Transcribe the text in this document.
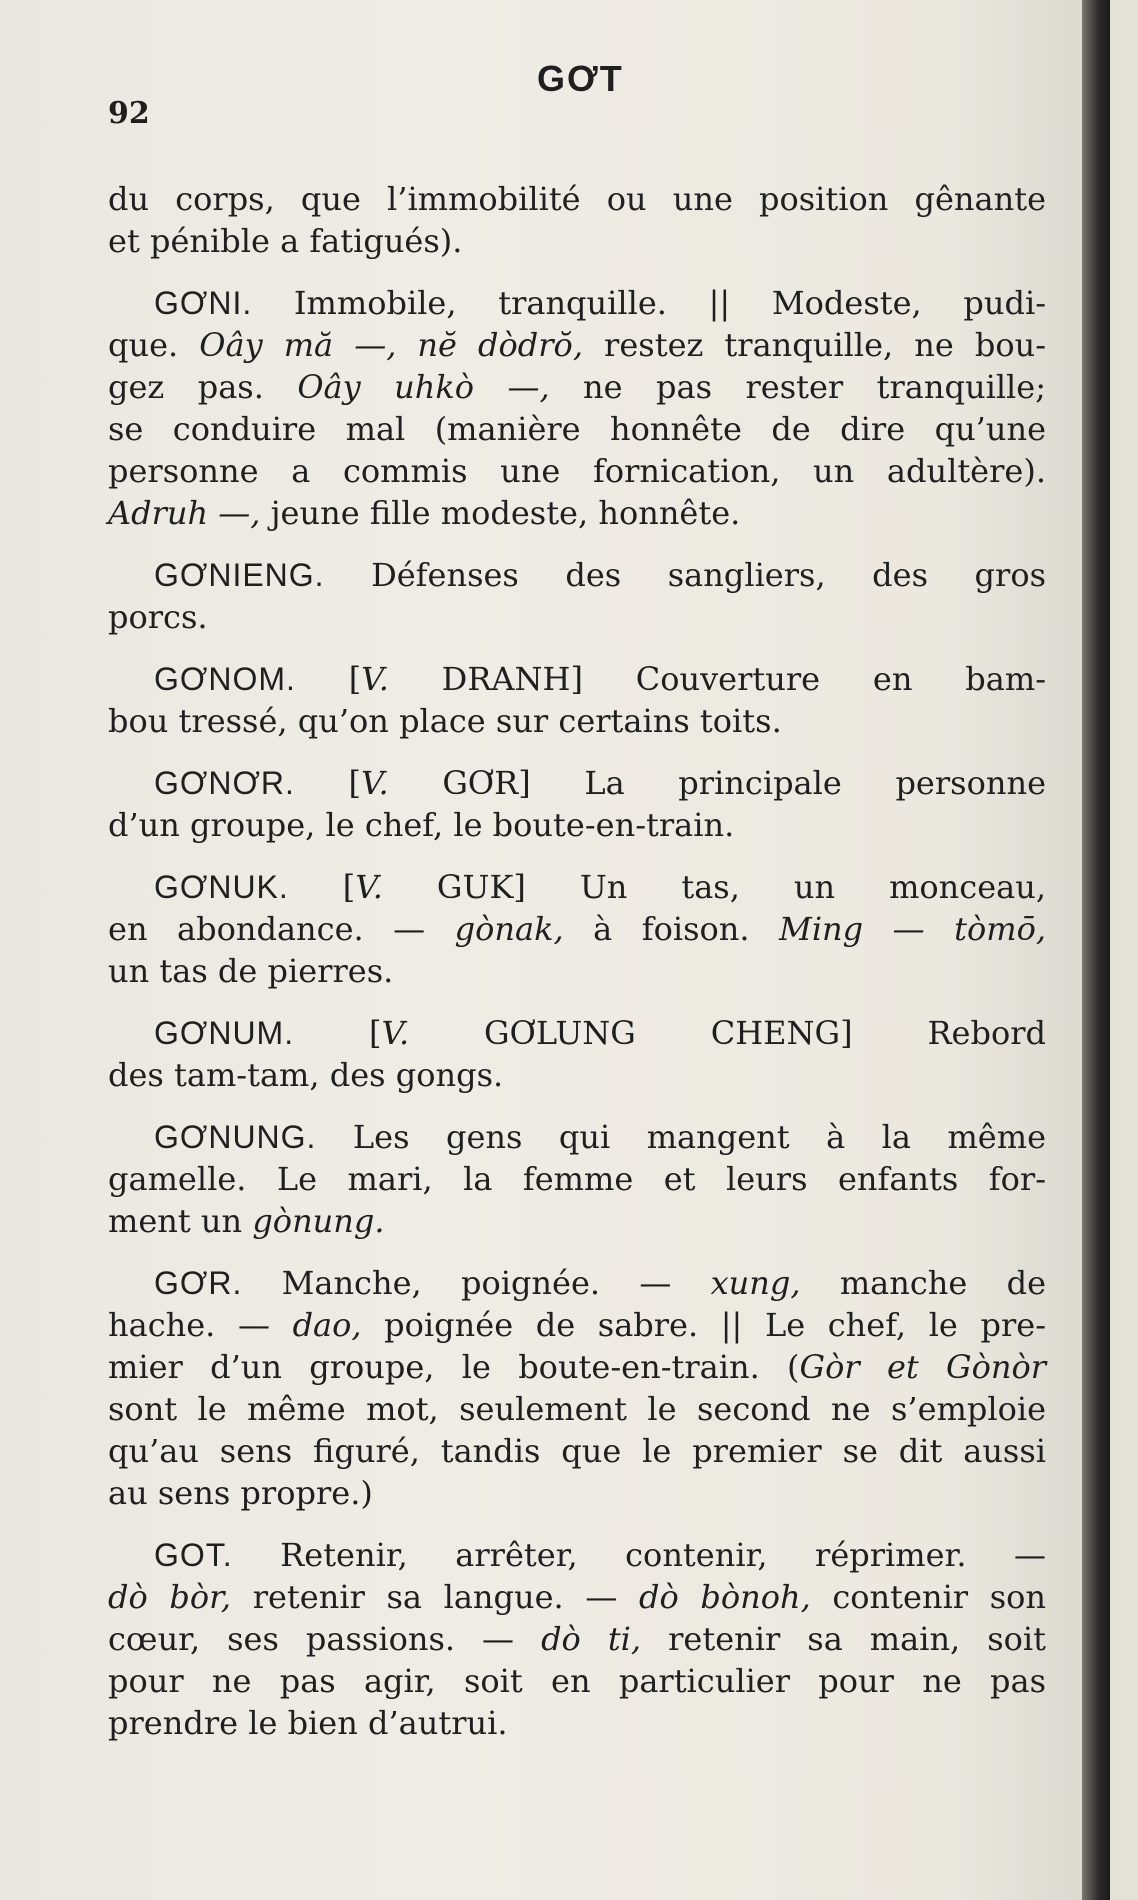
92
GƠT
du corps, que l’immobilité ou une position gênante
et pénible a fatigués).
GƠNI. Immobile, tranquille. || Modeste, pudi-
que. Oây mă —, nĕ dòdrŏ, restez tranquille, ne bou-
gez pas. Oây uhkò —, ne pas rester tranquille;
se conduire mal (manière honnête de dire qu’une
personne a commis une fornication, un adultère).
Adruh —, jeune fille modeste, honnête.
GƠNIENG. Défenses des sangliers, des gros
porcs.
GƠNOM. [V. DRANH] Couverture en bam-
bou tressé, qu’on place sur certains toits.
GƠNƠR. [V. GƠR] La principale personne
d’un groupe, le chef, le boute-en-train.
GƠNUK. [V. GUK] Un tas, un monceau,
en abondance. — gònak, à foison. Ming — tòmō,
un tas de pierres.
GƠNUM. [V. GƠLUNG CHENG] Rebord
des tam-tam, des gongs.
GƠNUNG. Les gens qui mangent à la même
gamelle. Le mari, la femme et leurs enfants for-
ment un gònung.
GƠR. Manche, poignée. — xung, manche de
hache. — dao, poignée de sabre. || Le chef, le pre-
mier d’un groupe, le boute-en-train. (Gòr et Gònòr
sont le même mot, seulement le second ne s’emploie
qu’au sens figuré, tandis que le premier se dit aussi
au sens propre.)
GOT. Retenir, arrêter, contenir, réprimer. —
dò bòr, retenir sa langue. — dò bònoh, contenir son
cœur, ses passions. — dò ti, retenir sa main, soit
pour ne pas agir, soit en particulier pour ne pas
prendre le bien d’autrui.
